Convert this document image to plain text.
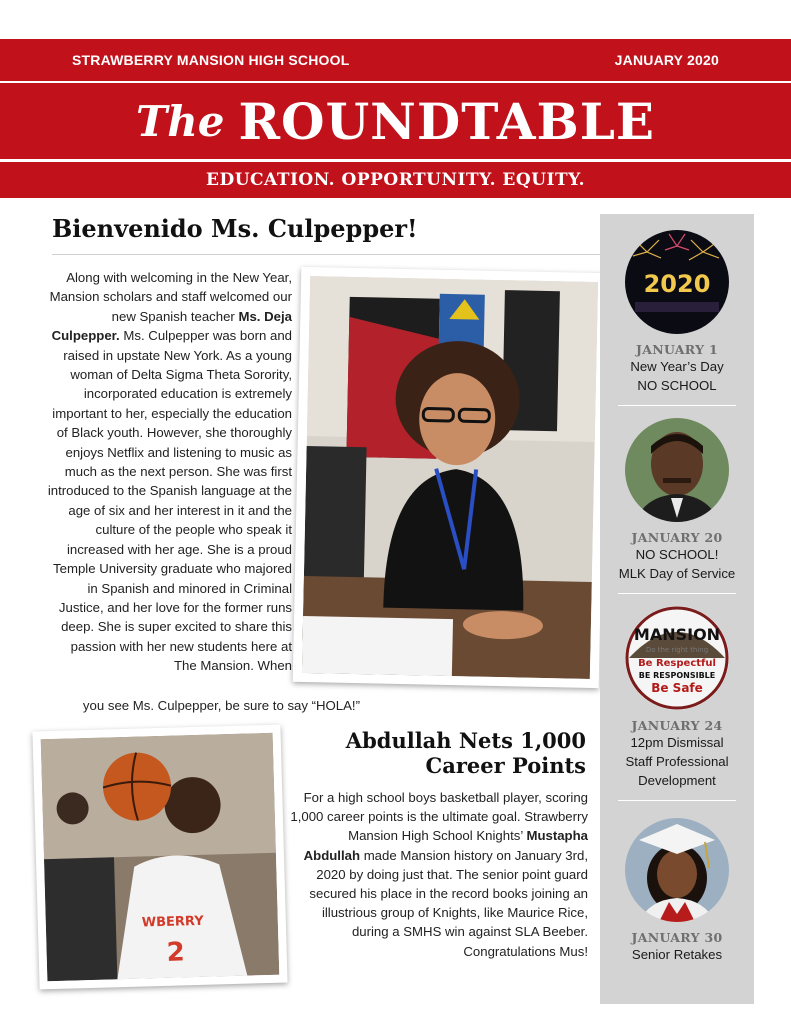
STRAWBERRY MANSION HIGH SCHOOL	JANUARY 2020
The ROUNDTABLE
EDUCATION. OPPORTUNITY. EQUITY.
Bienvenido Ms. Culpepper!

Along with welcoming in the New Year, Mansion scholars and staff welcomed our new Spanish teacher Ms. Deja Culpepper. Ms. Culpepper was born and raised in upstate New York. As a young woman of Delta Sigma Theta Sorority, incorporated education is extremely important to her, especially the education of Black youth. However, she thoroughly enjoys Netflix and listening to music as much as the next person. She was first introduced to the Spanish language at the age of six and her interest in it and the culture of the people who speak it increased with her age. She is a proud Temple University graduate who majored in Spanish and minored in Criminal Justice, and her love for the former runs deep. She is super excited to share this passion with her new students here at The Mansion. When

you see Ms. Culpepper, be sure to say “HOLA!”

WBERRY
2
Abdullah Nets 1,000
Career Points

For a high school boys basketball player, scoring 1,000 career points is the ultimate goal. Strawberry Mansion High School Knights’ Mustapha Abdullah made Mansion history on January 3rd, 2020 by doing just that. The senior point guard secured his place in the record books joining an illustrious group of Knights, like Maurice Rice, during a SMHS win against SLA Beeber. Congratulations Mus!

2020
JANUARY 1
New Year’s Day
NO SCHOOL
JANUARY 20
NO SCHOOL!
MLK Day of Service
MANSION
Do the right thing
Be Respectful
BE RESPONSIBLE
Be Safe
JANUARY 24
12pm Dismissal
Staff Professional
Development
JANUARY 30
Senior Retakes
